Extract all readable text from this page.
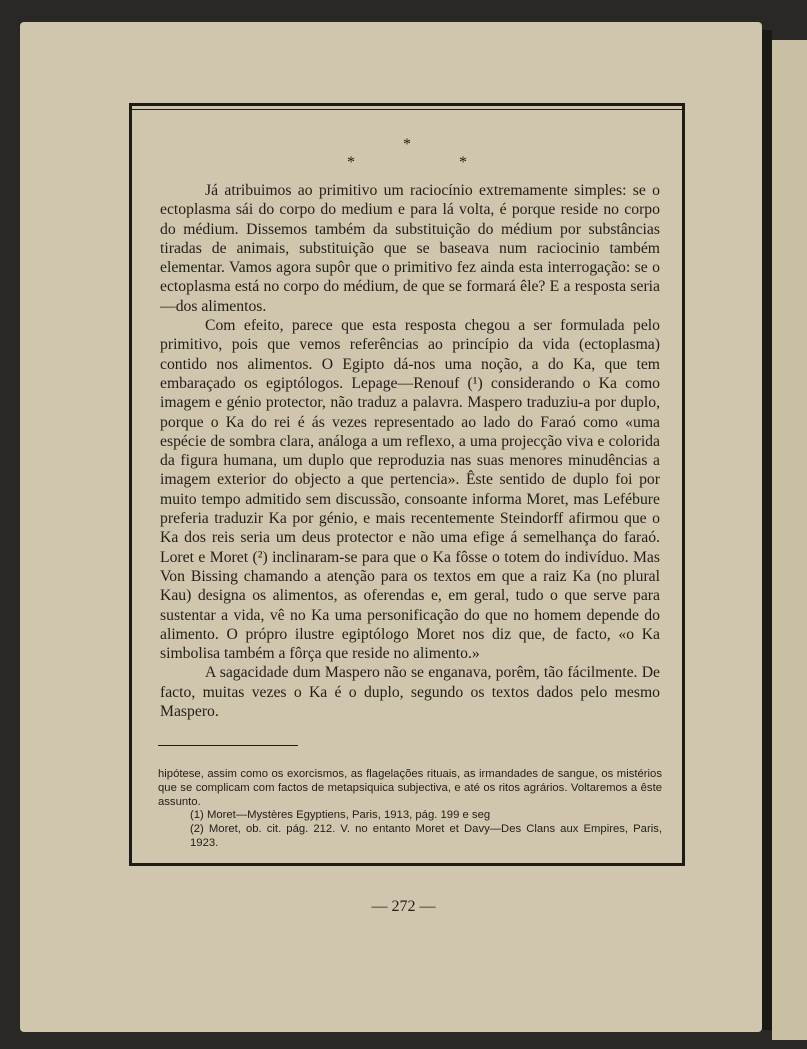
*
* *

Já atribuimos ao primitivo um raciocínio extremamente simples: se o ectoplasma sái do corpo do medium e para lá volta, é porque reside no corpo do médium. Dissemos também da substituição do médium por substâncias tiradas de animais, substituição que se baseava num raciocinio também elementar. Vamos agora supôr que o primitivo fez ainda esta interrogação: se o ectoplasma está no corpo do médium, de que se formará êle? E a resposta seria—dos alimentos.

Com efeito, parece que esta resposta chegou a ser formulada pelo primitivo, pois que vemos referências ao princípio da vida (ectoplasma) contido nos alimentos. O Egipto dá-nos uma noção, a do Ka, que tem embaraçado os egiptólogos. Lepage—Renouf (¹) considerando o Ka como imagem e génio protector, não traduz a palavra. Maspero traduziu-a por duplo, porque o Ka do rei é ás vezes representado ao lado do Faraó como «uma espécie de sombra clara, análoga a um reflexo, a uma projecção viva e colorida da figura humana, um duplo que reproduzia nas suas menores minudências a imagem exterior do objecto a que pertencia». Êste sentido de duplo foi por muito tempo admitido sem discussão, consoante informa Moret, mas Lefébure preferia traduzir Ka por génio, e mais recentemente Steindorff afirmou que o Ka dos reis seria um deus protector e não uma efige á semelhança do faraó. Loret e Moret (²) inclinaram-se para que o Ka fôsse o totem do indivíduo. Mas Von Bissing chamando a atenção para os textos em que a raiz Ka (no plural Kau) designa os alimentos, as oferendas e, em geral, tudo o que serve para sustentar a vida, vê no Ka uma personificação do que no homem depende do alimento. O própro ilustre egiptólogo Moret nos diz que, de facto, «o Ka simbolisa também a fôrça que reside no alimento.»

A sagacidade dum Maspero não se enganava, porêm, tão fácilmente. De facto, muitas vezes o Ka é o duplo, segundo os textos dados pelo mesmo Maspero.

hipótese, assim como os exorcismos, as flagelações rituais, as irmandades de sangue, os mistérios que se complicam com factos de metapsiquica subjectiva, e até os ritos agrários. Voltaremos a êste assunto.
(1) Moret—Mystères Egyptiens, Paris, 1913, pág. 199 e seg
(2) Moret, ob. cit. pág. 212. V. no entanto Moret et Davy—Des Clans aux Empires, Paris, 1923.
— 272 —
